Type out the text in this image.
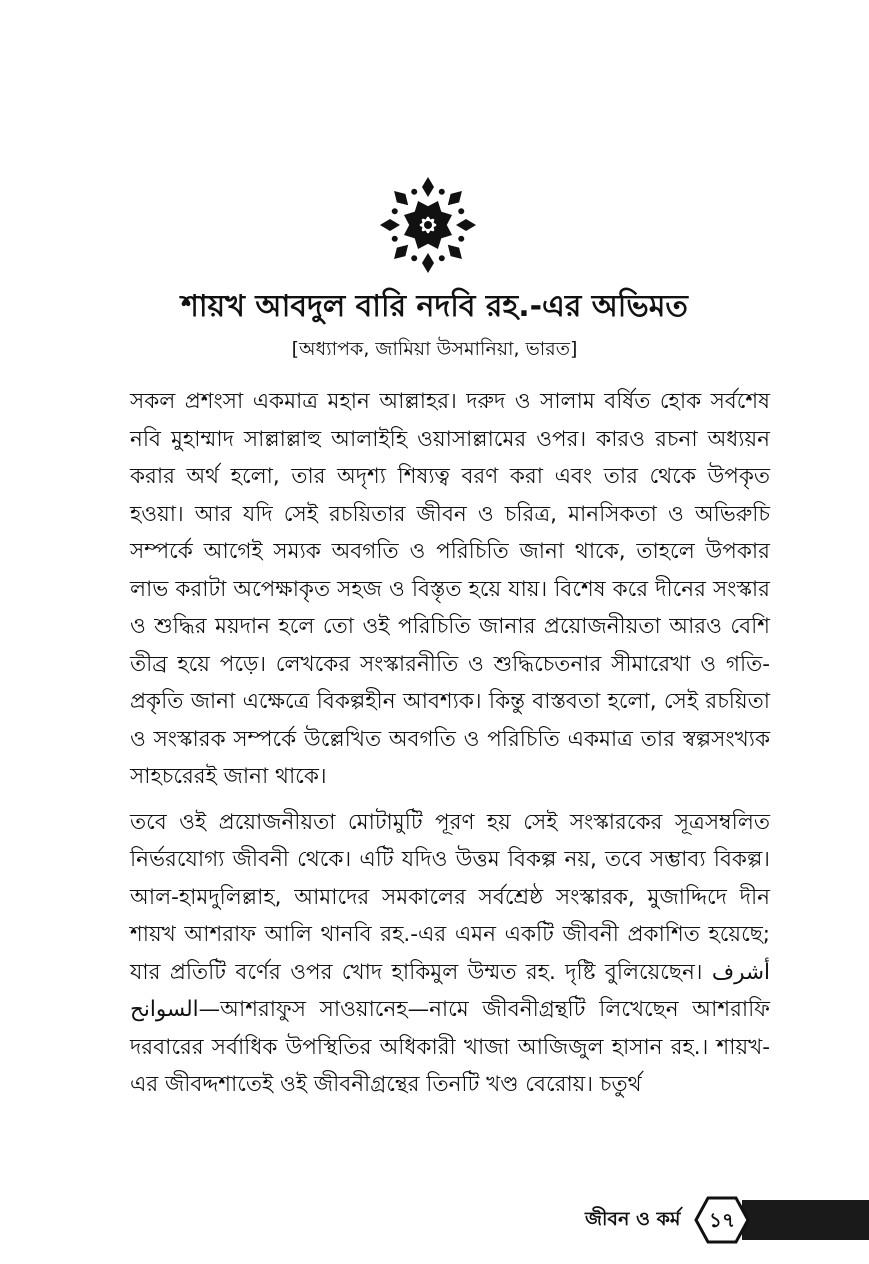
শায়খ আবদুল বারি নদবি রহ.-এর অভিমত
[অধ্যাপক, জামিয়া উসমানিয়া, ভারত]

সকল প্রশংসা একমাত্র মহান আল্লাহর। দরুদ ও সালাম বর্ষিত হোক সর্বশেষ নবি মুহাম্মাদ সাল্লাল্লাহু আলাইহি ওয়াসাল্লামের ওপর। কারও রচনা অধ্যয়ন করার অর্থ হলো, তার অদৃশ্য শিষ্যত্ব বরণ করা এবং তার থেকে উপকৃত হওয়া। আর যদি সেই রচয়িতার জীবন ও চরিত্র, মানসিকতা ও অভিরুচি সম্পর্কে আগেই সম্যক অবগতি ও পরিচিতি জানা থাকে, তাহলে উপকার লাভ করাটা অপেক্ষাকৃত সহজ ও বিস্তৃত হয়ে যায়। বিশেষ করে দীনের সংস্কার ও শুদ্ধির ময়দান হলে তো ওই পরিচিতি জানার প্রয়োজনীয়তা আরও বেশি তীব্র হয়ে পড়ে। লেখকের সংস্কারনীতি ও শুদ্ধিচেতনার সীমারেখা ও গতি-প্রকৃতি জানা এক্ষেত্রে বিকল্পহীন আবশ্যক। কিন্তু বাস্তবতা হলো, সেই রচয়িতা ও সংস্কারক সম্পর্কে উল্লেখিত অবগতি ও পরিচিতি একমাত্র তার স্বল্পসংখ্যক সাহচরেরই জানা থাকে।

তবে ওই প্রয়োজনীয়তা মোটামুটি পূরণ হয় সেই সংস্কারকের সূত্রসম্বলিত নির্ভরযোগ্য জীবনী থেকে। এটি যদিও উত্তম বিকল্প নয়, তবে সম্ভাব্য বিকল্প। আল-হামদুলিল্লাহ, আমাদের সমকালের সর্বশ্রেষ্ঠ সংস্কারক, মুজাদ্দিদে দীন শায়খ আশরাফ আলি থানবি রহ.-এর এমন একটি জীবনী প্রকাশিত হয়েছে; যার প্রতিটি বর্ণের ওপর খোদ হাকিমুল উম্মত রহ. দৃষ্টি বুলিয়েছেন। أشرف السوانح—আশরাফুস সাওয়ানেহ—নামে জীবনীগ্রন্থটি লিখেছেন আশরাফি দরবারের সর্বাধিক উপস্থিতির অধিকারী খাজা আজিজুল হাসান রহ.। শায়খ-এর জীবদ্দশাতেই ওই জীবনীগ্রন্থের তিনটি খণ্ড বেরোয়। চতুর্থ

জীবন ও কর্ম	১৭
